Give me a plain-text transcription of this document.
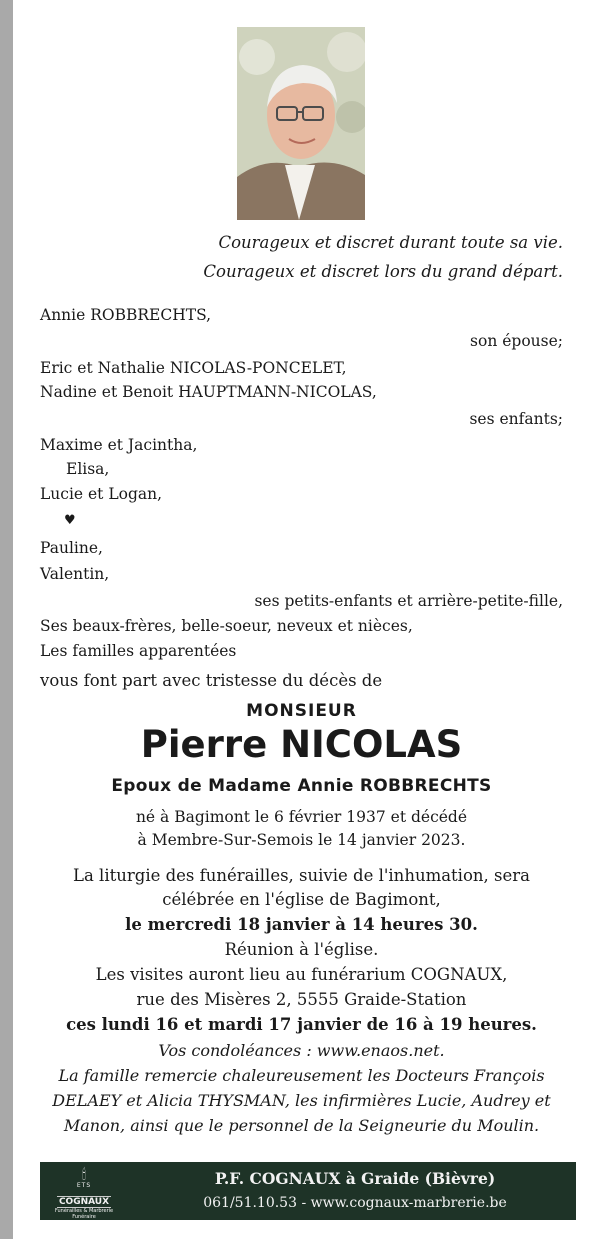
Courageux et discret durant toute sa vie.
Courageux et discret lors du grand départ.
Annie ROBBRECHTS,
son épouse;
Eric et Nathalie NICOLAS-PONCELET,
Nadine et Benoit HAUPTMANN-NICOLAS,
ses enfants;
Maxime et Jacintha,
Elisa,
Lucie et Logan,
♥
Pauline,
Valentin,
ses petits-enfants et arrière-petite-fille,
Ses beaux-frères, belle-soeur, neveux et nièces,
Les familles apparentées
vous font part avec tristesse du décès de
MONSIEUR
Pierre NICOLAS
Epoux de Madame Annie ROBBRECHTS
né à Bagimont le 6 février 1937 et décédé
à Membre-Sur-Semois le 14 janvier 2023.
La liturgie des funérailles, suivie de l'inhumation, sera
célébrée en l'église de Bagimont,
le mercredi 18 janvier à 14 heures 30.
Réunion à l'église.
Les visites auront lieu au funérarium COGNAUX,
rue des Misères 2, 5555 Graide-Station
ces lundi 16 et mardi 17 janvier de 16 à 19 heures.
Vos condoléances : www.enaos.net.
La famille remercie chaleureusement les Docteurs François
DELAEY et Alicia THYSMAN, les infirmières Lucie, Audrey et
Manon, ainsi que le personnel de la Seigneurie du Moulin.
🕯
ETS
COGNAUX
Funérailles & Marbrerie Funéraire
P.F. COGNAUX à Graide (Bièvre)
061/51.10.53 - www.cognaux-marbrerie.be
